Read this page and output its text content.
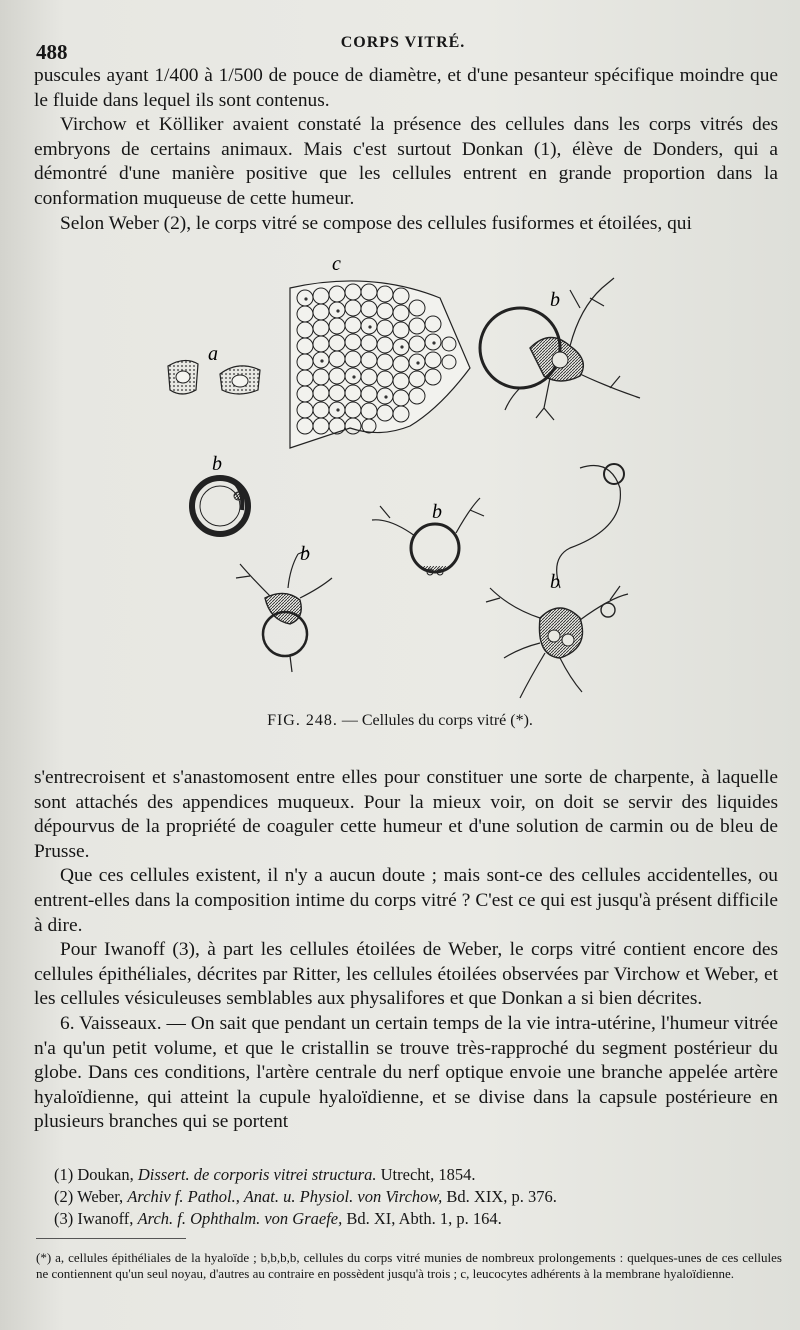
488	CORPS VITRÉ.

puscules ayant 1/400 à 1/500 de pouce de diamètre, et d'une pesanteur spécifique moindre que le fluide dans lequel ils sont contenus.

Virchow et Kölliker avaient constaté la présence des cellules dans les corps vitrés des embryons de certains animaux. Mais c'est surtout Donkan (1), élève de Donders, qui a démontré d'une manière positive que les cellules entrent en grande proportion dans la conformation muqueuse de cette humeur.

Selon Weber (2), le corps vitré se compose des cellules fusiformes et étoilées, qui

c
a
b
b
b
b
b
FIG. 248. — Cellules du corps vitré (*).

s'entrecroisent et s'anastomosent entre elles pour constituer une sorte de charpente, à laquelle sont attachés des appendices muqueux. Pour la mieux voir, on doit se servir des liquides dépourvus de la propriété de coaguler cette humeur et d'une solution de carmin ou de bleu de Prusse.

Que ces cellules existent, il n'y a aucun doute ; mais sont-ce des cellules accidentelles, ou entrent-elles dans la composition intime du corps vitré ? C'est ce qui est jusqu'à présent difficile à dire.

Pour Iwanoff (3), à part les cellules étoilées de Weber, le corps vitré contient encore des cellules épithéliales, décrites par Ritter, les cellules étoilées observées par Virchow et Weber, et les cellules vésiculeuses semblables aux physalifores et que Donkan a si bien décrites.

6. Vaisseaux. — On sait que pendant un certain temps de la vie intra-utérine, l'humeur vitrée n'a qu'un petit volume, et que le cristallin se trouve très-rapproché du segment postérieur du globe. Dans ces conditions, l'artère centrale du nerf optique envoie une branche appelée artère hyaloïdienne, qui atteint la cupule hyaloïdienne, et se divise dans la capsule postérieure en plusieurs branches qui se portent

(1) Doukan, Dissert. de corporis vitrei structura. Utrecht, 1854.
(2) Weber, Archiv f. Pathol., Anat. u. Physiol. von Virchow, Bd. XIX, p. 376.
(3) Iwanoff, Arch. f. Ophthalm. von Graefe, Bd. XI, Abth. 1, p. 164.
(*) a, cellules épithéliales de la hyaloïde ; b,b,b,b, cellules du corps vitré munies de nombreux prolongements : quelques-unes de ces cellules ne contiennent qu'un seul noyau, d'autres au contraire en possèdent jusqu'à trois ; c, leucocytes adhérents à la membrane hyaloïdienne.
